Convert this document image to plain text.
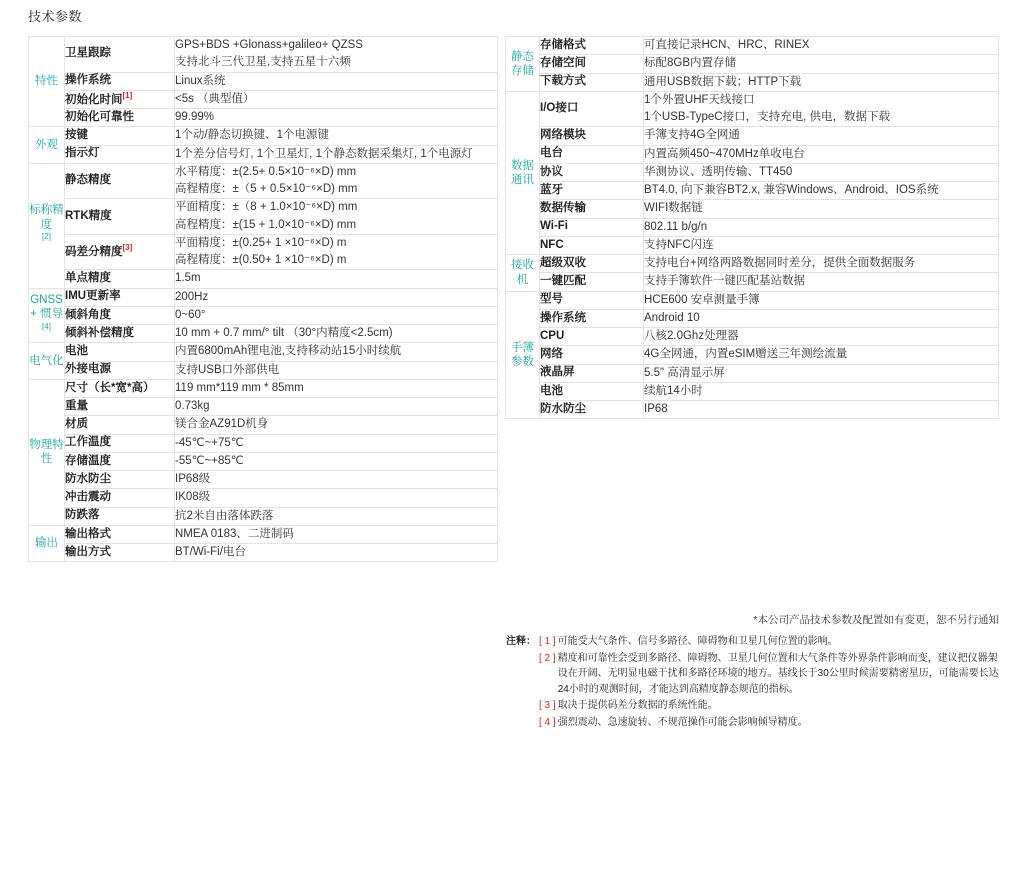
技术参数
特性	卫星跟踪	GPS+BDS +Glonass+galileo+ QZSS
支持北斗三代卫星,支持五星十六频

	操作系统	Linux系统

	初始化时间[1]	<5s （典型值）

	初始化可靠性	99.99%

外观	按键	1个动/静态切换键、1个电源键

	指示灯	1个差分信号灯, 1个卫星灯, 1个静态数据采集灯, 1个电源灯

标称精度
[2]	静态精度	水平精度：±(2.5+ 0.5×10⁻⁶×D) mm
高程精度：±（5 + 0.5×10⁻⁶×D) mm

	RTK精度	平面精度：±（8 + 1.0×10⁻⁶×D) mm
高程精度：±(15 + 1.0×10⁻⁶×D) mm

	码差分精度[3]	平面精度：±(0.25+ 1 ×10⁻⁶×D) m
高程精度：±(0.50+ 1 ×10⁻⁶×D) m

	单点精度	1.5m

GNSS + 惯导
[4]	IMU更新率	200Hz

	倾斜角度	0~60°

	倾斜补偿精度	10 mm + 0.7 mm/° tilt （30°内精度<2.5cm)

电气化	电池	内置6800mAh锂电池,支持移动站15小时续航

	外接电源	支持USB口外部供电

物理特性	尺寸（长*宽*高）	119 mm*119 mm * 85mm

	重量	0.73kg

	材质	镁合金AZ91D机身

	工作温度	-45℃~+75℃

	存储温度	-55℃~+85℃

	防水防尘	IP68级

	冲击震动	IK08级

	防跌落	抗2米自由落体跌落

输出	输出格式	NMEA 0183、二进制码

	输出方式	BT/Wi-Fi/电台
静态存储	存储格式	可直接记录HCN、HRC、RINEX

	存储空间	标配8GB内置存储

	下载方式	通用USB数据下载；HTTP下载

数据通讯	I/O接口	1个外置UHF天线接口
1个USB-TypeC接口，支持充电, 供电，数据下载

	网络模块	手簿支持4G全网通

	电台	内置高频450~470MHz单收电台

	协议	华测协议、透明传输、TT450

	蓝牙	BT4.0, 向下兼容BT2.x, 兼容Windows、Android、IOS系统

	数据传输	WIFI数据链

	Wi-Fi	802.11 b/g/n

	NFC	支持NFC闪连

接收机	超级双收	支持电台+网络两路数据同时差分，提供全面数据服务

	一键匹配	支持手簿软件一键匹配基站数据

手簿参数	型号	HCE600 安卓测量手簿

	操作系统	Android 10

	CPU	八核2.0Ghz处理器

	网络	4G全网通，内置eSIM赠送三年测绘流量

	液晶屏	5.5" 高清显示屏

	电池	续航14小时

	防水防尘	IP68
*本公司产品技术参数及配置如有变更，恕不另行通知
注释： [ 1 ] 可能受大气条件、信号多路径、障碍物和卫星几何位置的影响。
[ 2 ] 精度和可靠性会受到多路径、障碍物、卫星几何位置和大气条件等外界条件影响而变，建议把仪器架设在开阔、无明显电磁干扰和多路径环境的地方。基线长于30公里时候需要精密星历，可能需要长达24小时的观测时间，才能达到高精度静态规范的指标。
[ 3 ] 取决于提供码差分数据的系统性能。
[ 4 ] 强烈震动、急速旋转、不规范操作可能会影响倾导精度。
